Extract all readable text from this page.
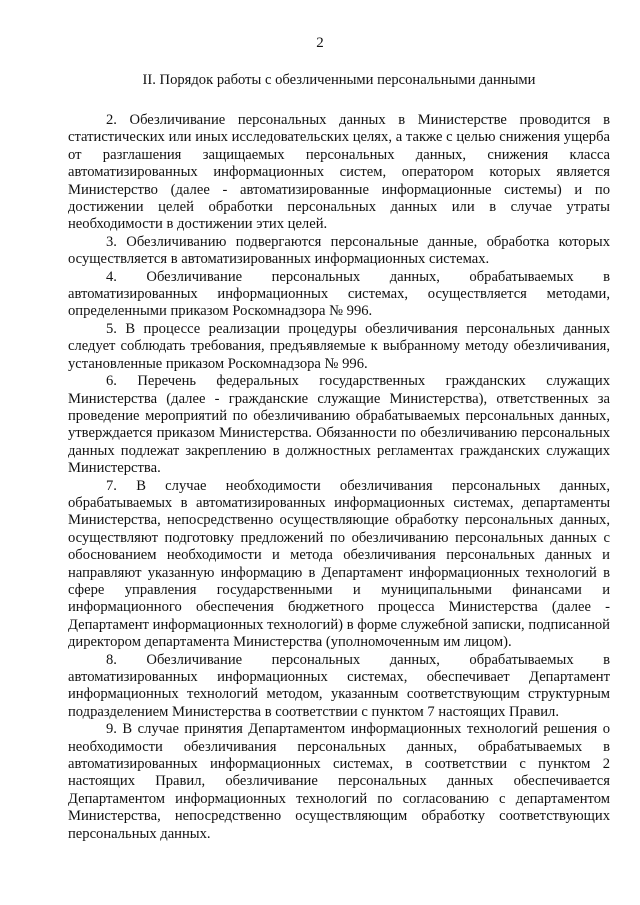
2
II. Порядок работы с обезличенными персональными данными

2. Обезличивание персональных данных в Министерстве проводится в статистических или иных исследовательских целях, а также с целью снижения ущерба от разглашения защищаемых персональных данных, снижения класса автоматизированных информационных систем, оператором которых является Министерство (далее - автоматизированные информационные системы) и по достижении целей обработки персональных данных или в случае утраты необходимости в достижении этих целей.

3. Обезличиванию подвергаются персональные данные, обработка которых осуществляется в автоматизированных информационных системах.

4. Обезличивание персональных данных, обрабатываемых в автоматизированных информационных системах, осуществляется методами, определенными приказом Роскомнадзора № 996.

5. В процессе реализации процедуры обезличивания персональных данных следует соблюдать требования, предъявляемые к выбранному методу обезличивания, установленные приказом Роскомнадзора № 996.

6. Перечень федеральных государственных гражданских служащих Министерства (далее - гражданские служащие Министерства), ответственных за проведение мероприятий по обезличиванию обрабатываемых персональных данных, утверждается приказом Министерства. Обязанности по обезличиванию персональных данных подлежат закреплению в должностных регламентах гражданских служащих Министерства.

7. В случае необходимости обезличивания персональных данных, обрабатываемых в автоматизированных информационных системах, департаменты Министерства, непосредственно осуществляющие обработку персональных данных, осуществляют подготовку предложений по обезличиванию персональных данных с обоснованием необходимости и метода обезличивания персональных данных и направляют указанную информацию в Департамент информационных технологий в сфере управления государственными и муниципальными финансами и информационного обеспечения бюджетного процесса Министерства (далее - Департамент информационных технологий) в форме служебной записки, подписанной директором департамента Министерства (уполномоченным им лицом).

8. Обезличивание персональных данных, обрабатываемых в автоматизированных информационных системах, обеспечивает Департамент информационных технологий методом, указанным соответствующим структурным подразделением Министерства в соответствии с пунктом 7 настоящих Правил.

9. В случае принятия Департаментом информационных технологий решения о необходимости обезличивания персональных данных, обрабатываемых в автоматизированных информационных системах, в соответствии с пунктом 2 настоящих Правил, обезличивание персональных данных обеспечивается Департаментом информационных технологий по согласованию с департаментом Министерства, непосредственно осуществляющим обработку соответствующих персональных данных.
